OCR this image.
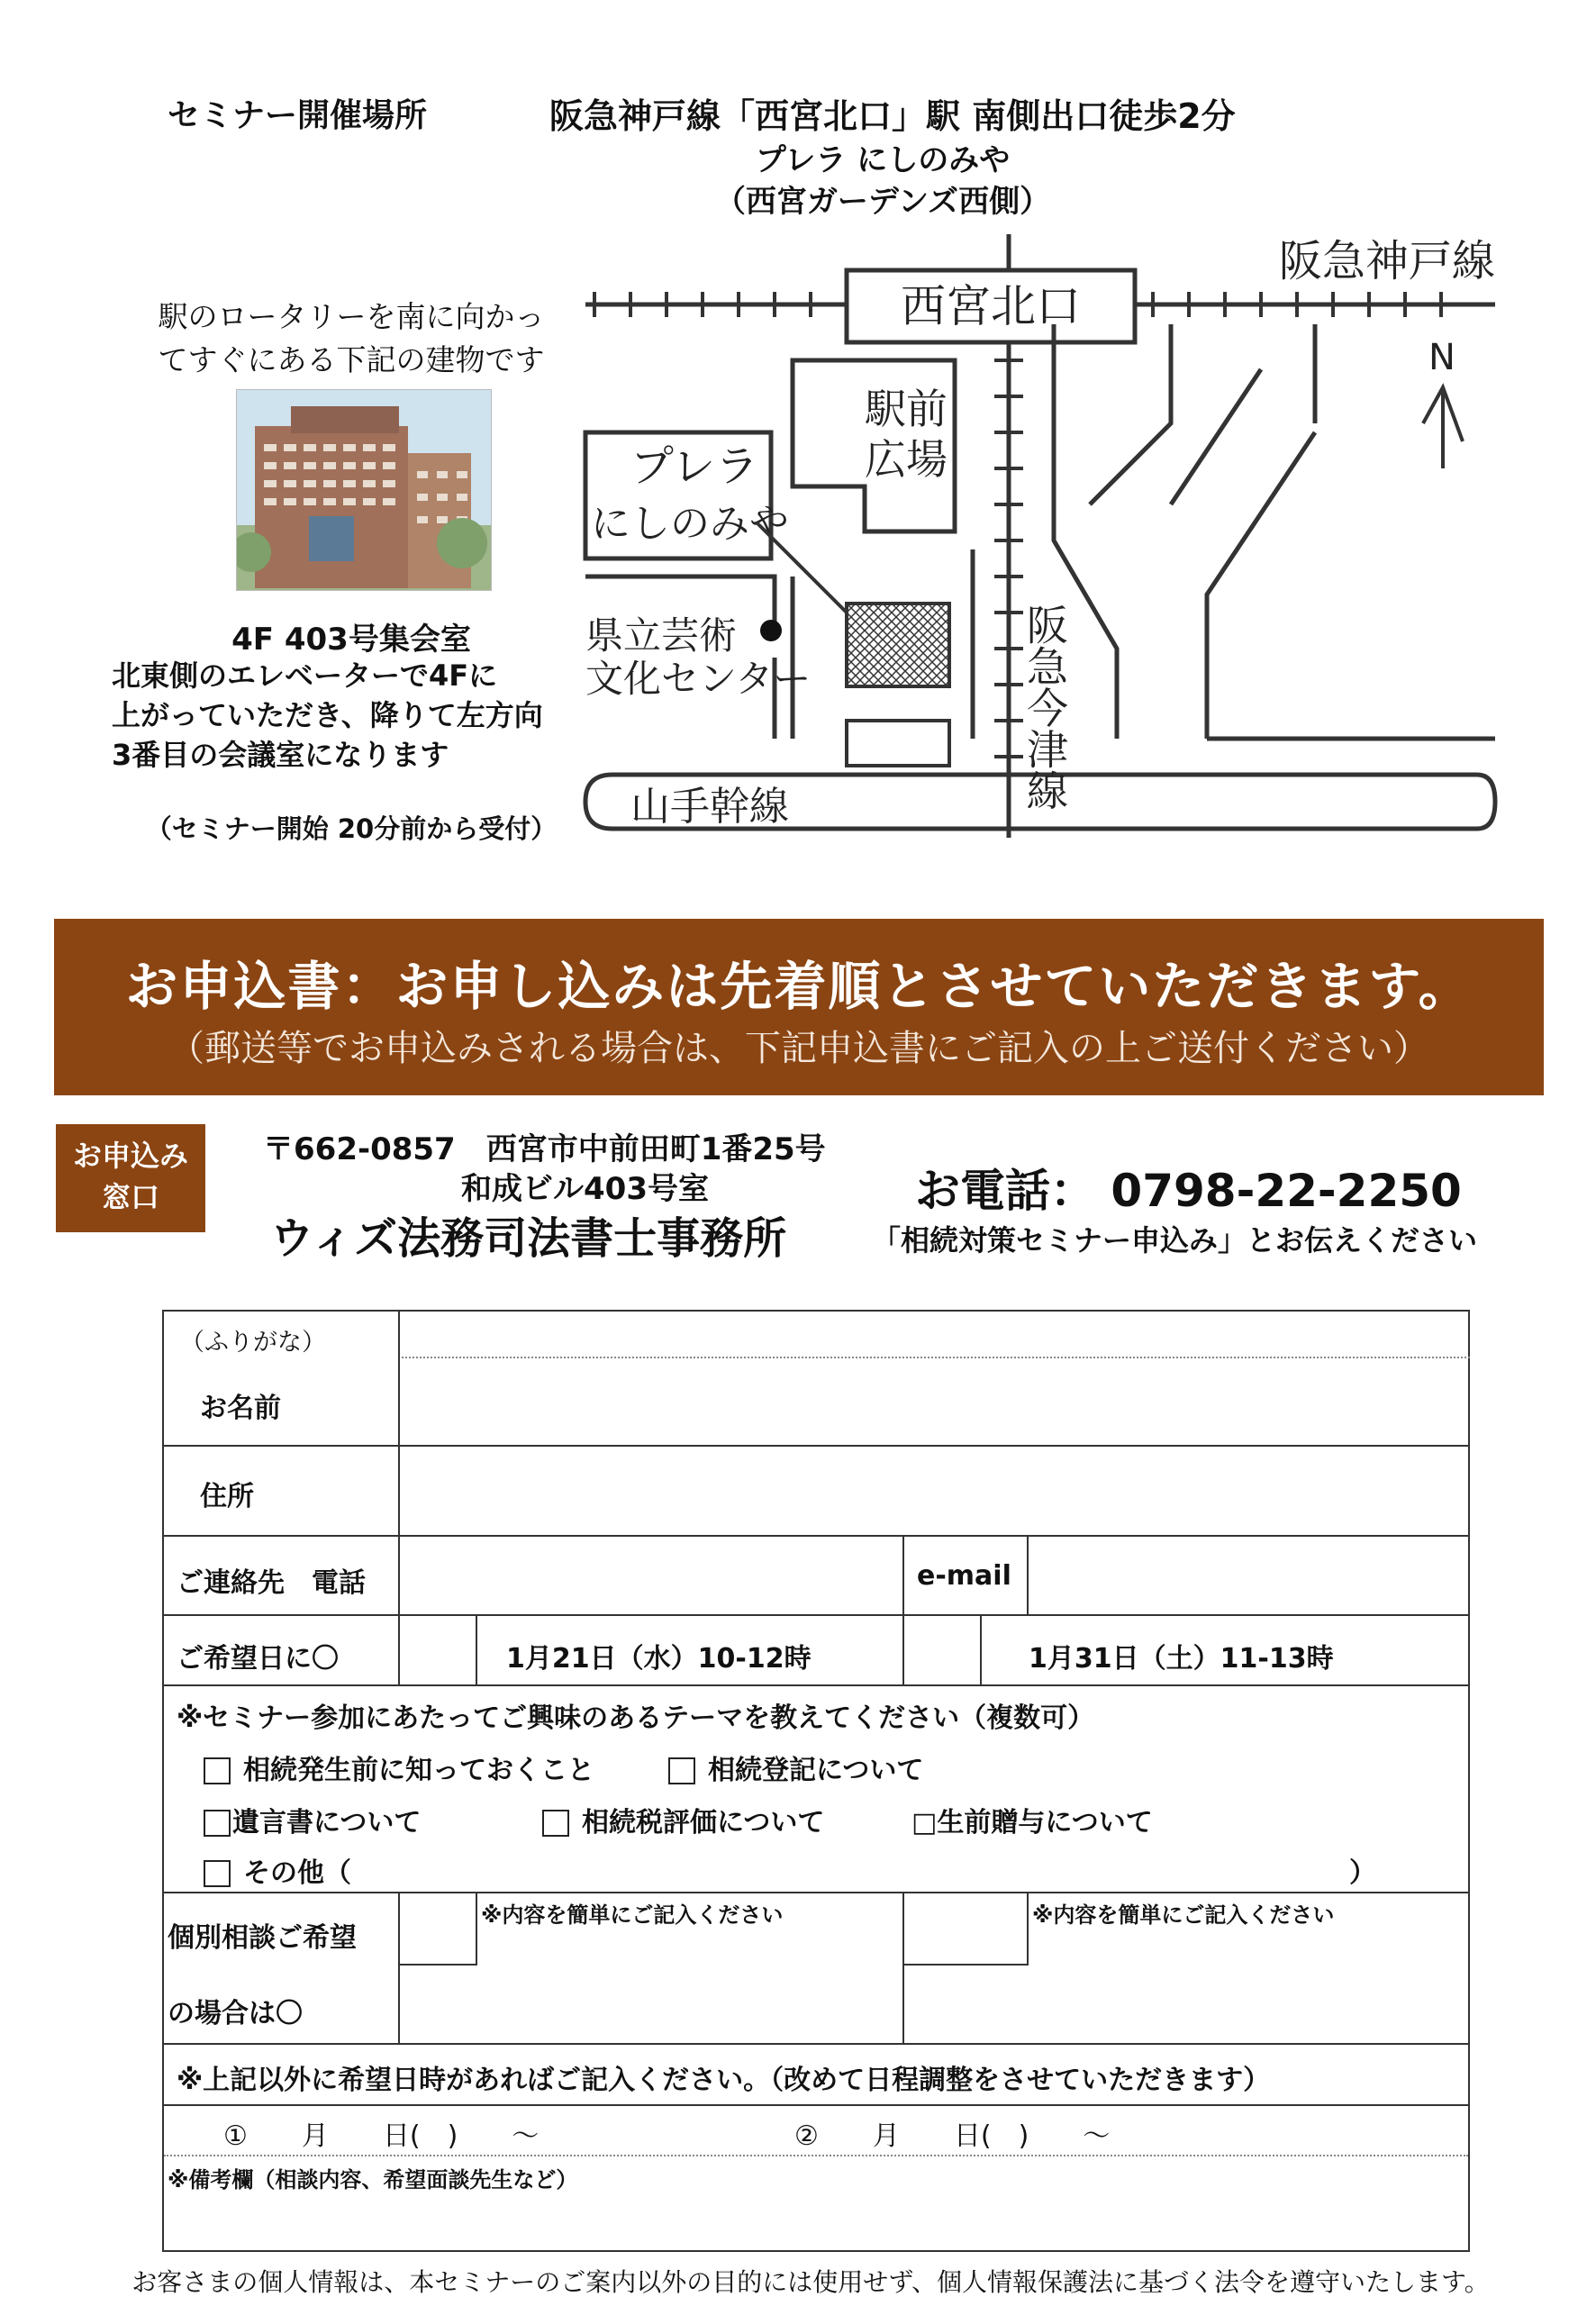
セミナー開催場所	阪急神戸線「西宮北口」駅 南側出口徒歩2分
プレラ にしのみや
（西宮ガーデンズ西側）
駅のロータリーを南に向かっ
てすぐにある下記の建物です
4F 403号集会室
北東側のエレベーターで4Fに
上がっていただき、降りて左方向
3番目の会議室になります
（セミナー開始 20分前から受付）
西宮北口
阪急神戸線
駅前
広場
プレラ
にしのみや
山手幹線
県立芸術
文化センター	阪急今津線
N
お申込書：お申し込みは先着順とさせていただきます。
（郵送等でお申込みされる場合は、下記申込書にご記入の上ご送付ください）
お申込み
窓口
〒662-0857　西宮市中前田町1番25号
和成ビル403号室
ウィズ法務司法書士事務所
お電話： 0798-22-2250
「相続対策セミナー申込み」とお伝えください
（ふりがな）
お名前
住所
ご連絡先　電話	e-mail
ご希望日に〇	1月21日（水）10-12時	1月31日（土）11-13時
※セミナー参加にあたってご興味のあるテーマを教えてください（複数可）
相続発生前に知っておくこと	相続登記について
遺言書について	相続税評価について	□生前贈与について
その他（	）
個別相談ご希望
の場合は〇
※内容を簡単にご記入ください	※内容を簡単にご記入ください
※上記以外に希望日時があればご記入ください。（改めて日程調整をさせていただきます）
①　　月　　日(　)　　～	②　　月　　日(　)　　～
※備考欄（相談内容、希望面談先生など）
お客さまの個人情報は、本セミナーのご案内以外の目的には使用せず、個人情報保護法に基づく法令を遵守いたします。
